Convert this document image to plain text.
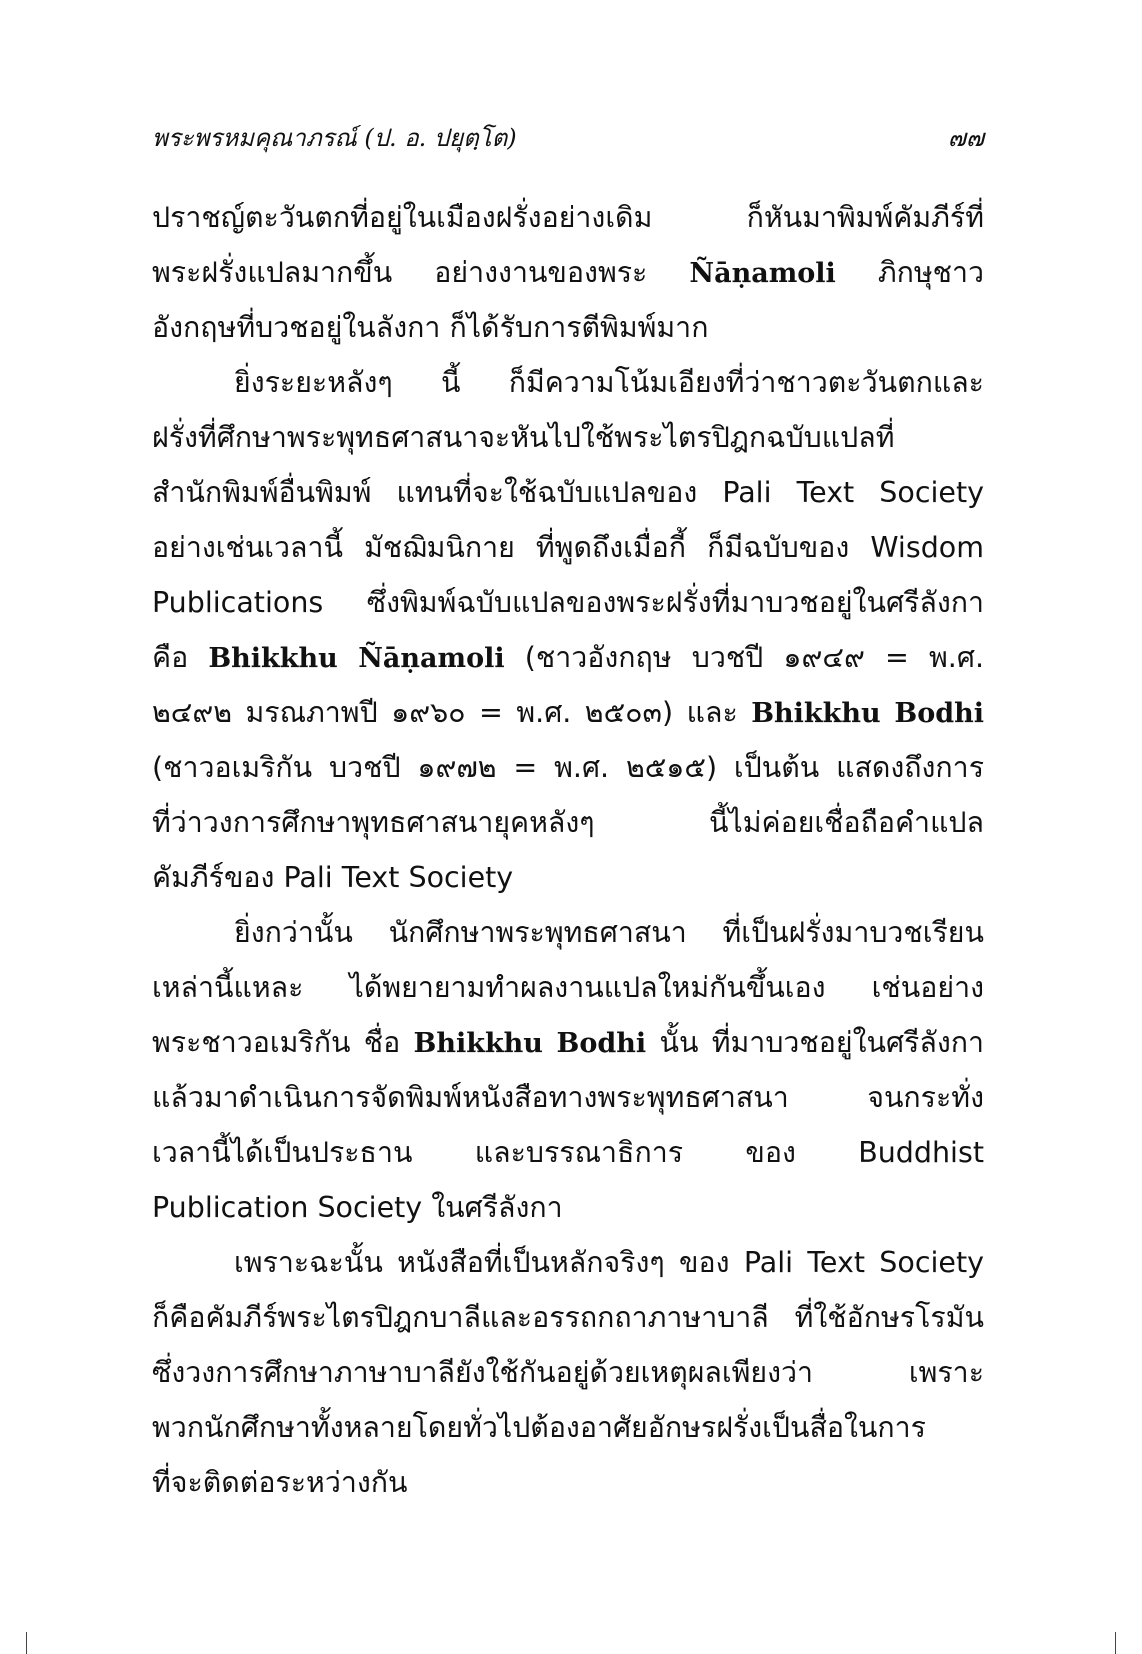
พระพรหมคุณาภรณ์ (ป. อ. ปยุตฺโต)	๗๗
ปราชญ์ตะวันตกที่อยู่ในเมืองฝรั่งอย่างเดิม ก็หันมาพิมพ์คัมภีร์ที่
พระฝรั่งแปลมากขึ้น อย่างงานของพระ Ñāṇamoli ภิกษุชาว
อังกฤษที่บวชอยู่ในลังกา ก็ได้รับการตีพิมพ์มาก
ยิ่งระยะหลังๆ นี้ ก็มีความโน้มเอียงที่ว่าชาวตะวันตกและ
ฝรั่งที่ศึกษาพระพุทธศาสนาจะหันไปใช้พระไตรปิฎกฉบับแปลที่
สำนักพิมพ์อื่นพิมพ์ แทนที่จะใช้ฉบับแปลของ Pali Text Society
อย่างเช่นเวลานี้ มัชฌิมนิกาย ที่พูดถึงเมื่อกี้ ก็มีฉบับของ Wisdom
Publications ซึ่งพิมพ์ฉบับแปลของพระฝรั่งที่มาบวชอยู่ในศรีลังกา
คือ Bhikkhu Ñāṇamoli (ชาวอังกฤษ บวชปี ๑๙๔๙ = พ.ศ.
๒๔๙๒ มรณภาพปี ๑๙๖๐ = พ.ศ. ๒๕๐๓) และ Bhikkhu Bodhi
(ชาวอเมริกัน บวชปี ๑๙๗๒ = พ.ศ. ๒๕๑๕) เป็นต้น แสดงถึงการ
ที่ว่าวงการศึกษาพุทธศาสนายุคหลังๆ นี้ไม่ค่อยเชื่อถือคำแปล
คัมภีร์ของ Pali Text Society
ยิ่งกว่านั้น นักศึกษาพระพุทธศาสนา ที่เป็นฝรั่งมาบวชเรียน
เหล่านี้แหละ ได้พยายามทำผลงานแปลใหม่กันขึ้นเอง เช่นอย่าง
พระชาวอเมริกัน ชื่อ Bhikkhu Bodhi นั้น ที่มาบวชอยู่ในศรีลังกา
แล้วมาดำเนินการจัดพิมพ์หนังสือทางพระพุทธศาสนา จนกระทั่ง
เวลานี้ได้เป็นประธาน และบรรณาธิการ ของ Buddhist
Publication Society ในศรีลังกา
เพราะฉะนั้น หนังสือที่เป็นหลักจริงๆ ของ Pali Text Society
ก็คือคัมภีร์พระไตรปิฎกบาลีและอรรถกถาภาษาบาลี ที่ใช้อักษรโรมัน
ซึ่งวงการศึกษาภาษาบาลียังใช้กันอยู่ด้วยเหตุผลเพียงว่า เพราะ
พวกนักศึกษาทั้งหลายโดยทั่วไปต้องอาศัยอักษรฝรั่งเป็นสื่อในการ
ที่จะติดต่อระหว่างกัน
